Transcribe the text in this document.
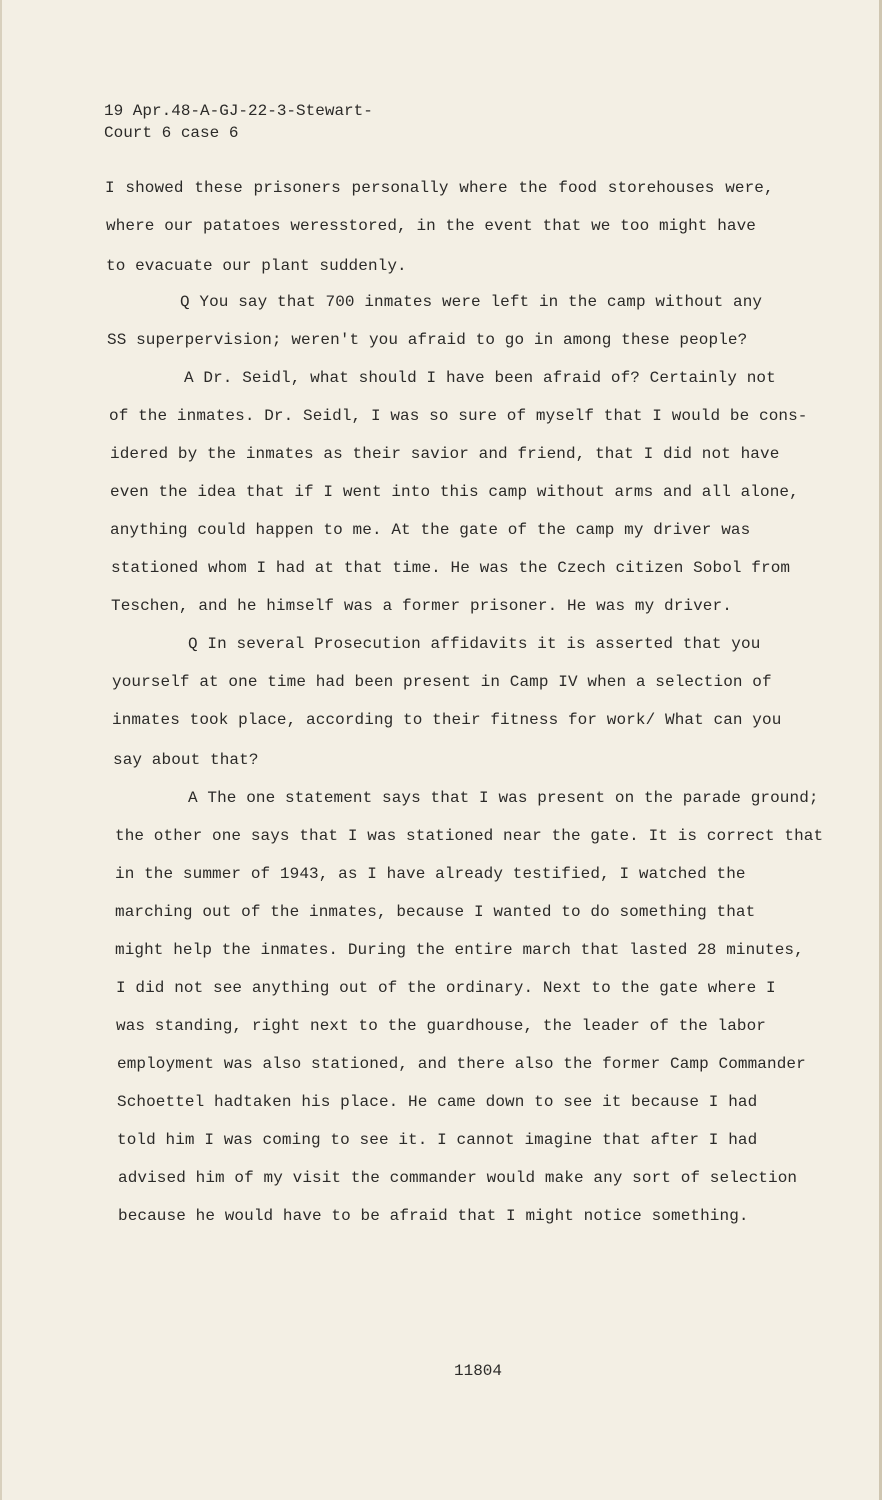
19 Apr.48-A-GJ-22-3-Stewart-
Court 6 case 6
I showed these prisoners personally where the food storehouses were,
where our patatoes weresstored, in the event that we too might have
to evacuate our plant suddenly.
Q You say that 700 inmates were left in the camp without any
SS superpervision; weren't you afraid to go in among these people?
A Dr. Seidl, what should I have been afraid of? Certainly not
of the inmates. Dr. Seidl, I was so sure of myself that I would be cons-
idered by the inmates as their savior and friend, that I did not have
even the idea that if I went into this camp without arms and all alone,
anything could happen to me. At the gate of the camp my driver was
stationed whom I had at that time. He was the Czech citizen Sobol from
Teschen, and he himself was a former prisoner. He was my driver.
Q In several Prosecution affidavits it is asserted that you
yourself at one time had been present in Camp IV when a selection of
inmates took place, according to their fitness for work/ What can you
say about that?
A The one statement says that I was present on the parade ground;
the other one says that I was stationed near the gate. It is correct that
in the summer of 1943, as I have already testified, I watched the
marching out of the inmates, because I wanted to do something that
might help the inmates. During the entire march that lasted 28 minutes,
I did not see anything out of the ordinary. Next to the gate where I
was standing, right next to the guardhouse, the leader of the labor
employment was also stationed, and there also the former Camp Commander
Schoettel hadtaken his place. He came down to see it because I had
told him I was coming to see it. I cannot imagine that after I had
advised him of my visit the commander would make any sort of selection
because he would have to be afraid that I might notice something.
11804
